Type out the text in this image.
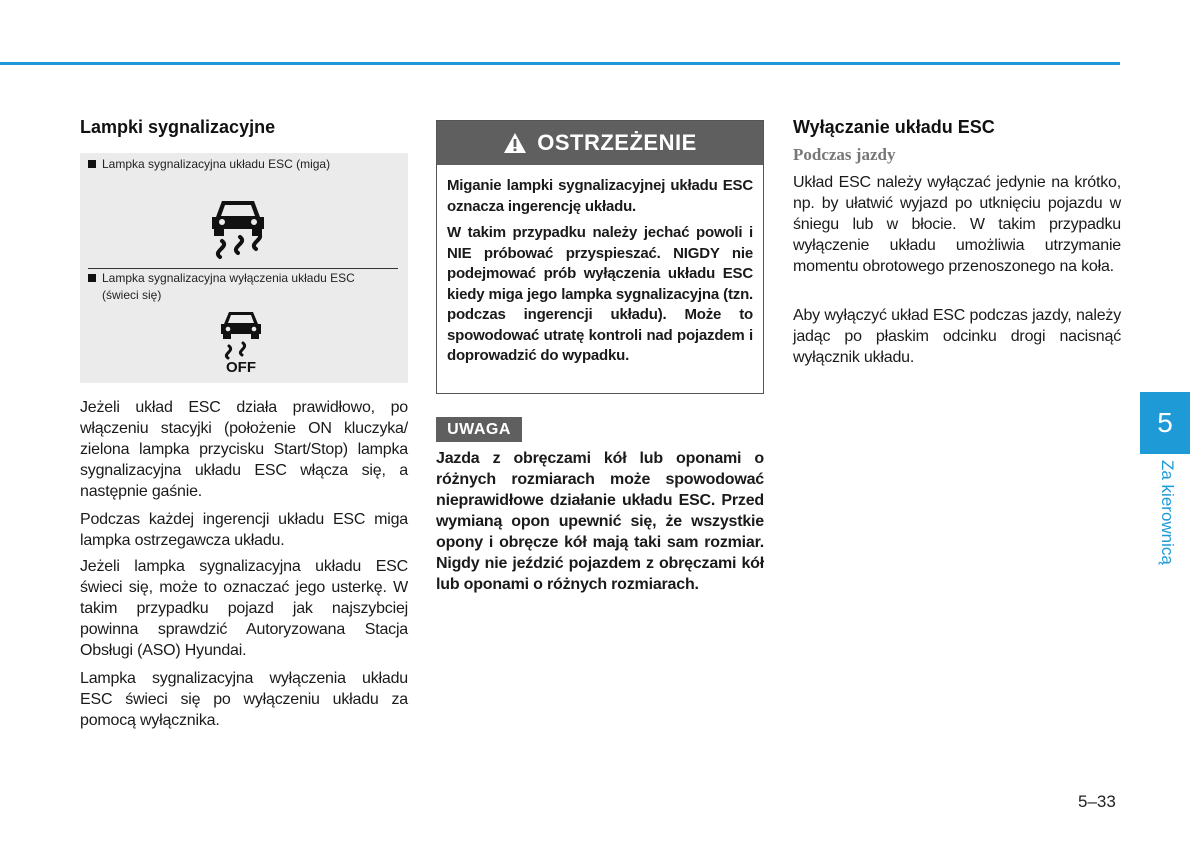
Lampki sygnalizacyjne
Lampka sygnalizacyjna układu ESC (miga)
Lampka sygnalizacyjna wyłączenia układu ESC
(świeci się)
OFF

Jeżeli układ ESC działa prawidłowo, po włączeniu stacyjki (położenie ON kluczyka/ zielona lampka przycisku Start/Stop) lampka sygnalizacyjna układu ESC włącza się, a następnie gaśnie.

Podczas każdej ingerencji układu ESC miga lampka ostrzegawcza układu.

Jeżeli lampka sygnalizacyjna układu ESC świeci się, może to oznaczać jego usterkę. W takim przypadku pojazd jak najszybciej powinna sprawdzić Autoryzowana Stacja Obsługi (ASO) Hyundai.

Lampka sygnalizacyjna wyłączenia układu ESC świeci się po wyłączeniu układu za pomocą wyłącznika.

OSTRZEŻENIE

Miganie lampki sygnalizacyjnej układu ESC oznacza ingerencję układu.

W takim przypadku należy jechać powoli i NIE próbować przyspieszać. NIGDY nie podejmować prób wyłączenia układu ESC kiedy miga jego lampka sygnalizacyjna (tzn. podczas ingerencji układu). Może to spowodować utratę kontroli nad pojazdem i doprowadzić do wypadku.

UWAGA

Jazda z obręczami kół lub oponami o różnych rozmiarach może spowodować nieprawidłowe działanie układu ESC. Przed wymianą opon upewnić się, że wszystkie opony i obręcze kół mają taki sam rozmiar. Nigdy nie jeździć pojazdem z obręczami kół lub oponami o różnych rozmiarach.

Wyłączanie układu ESC
Podczas jazdy

Układ ESC należy wyłączać jedynie na krótko, np. by ułatwić wyjazd po utknięciu pojazdu w śniegu lub w błocie. W takim przypadku wyłączenie układu umożliwia utrzymanie momentu obrotowego przenoszonego na koła.

Aby wyłączyć układ ESC podczas jazdy, należy jadąc po płaskim odcinku drogi nacisnąć wyłącznik układu.

5
Za kierownicą
5–33
